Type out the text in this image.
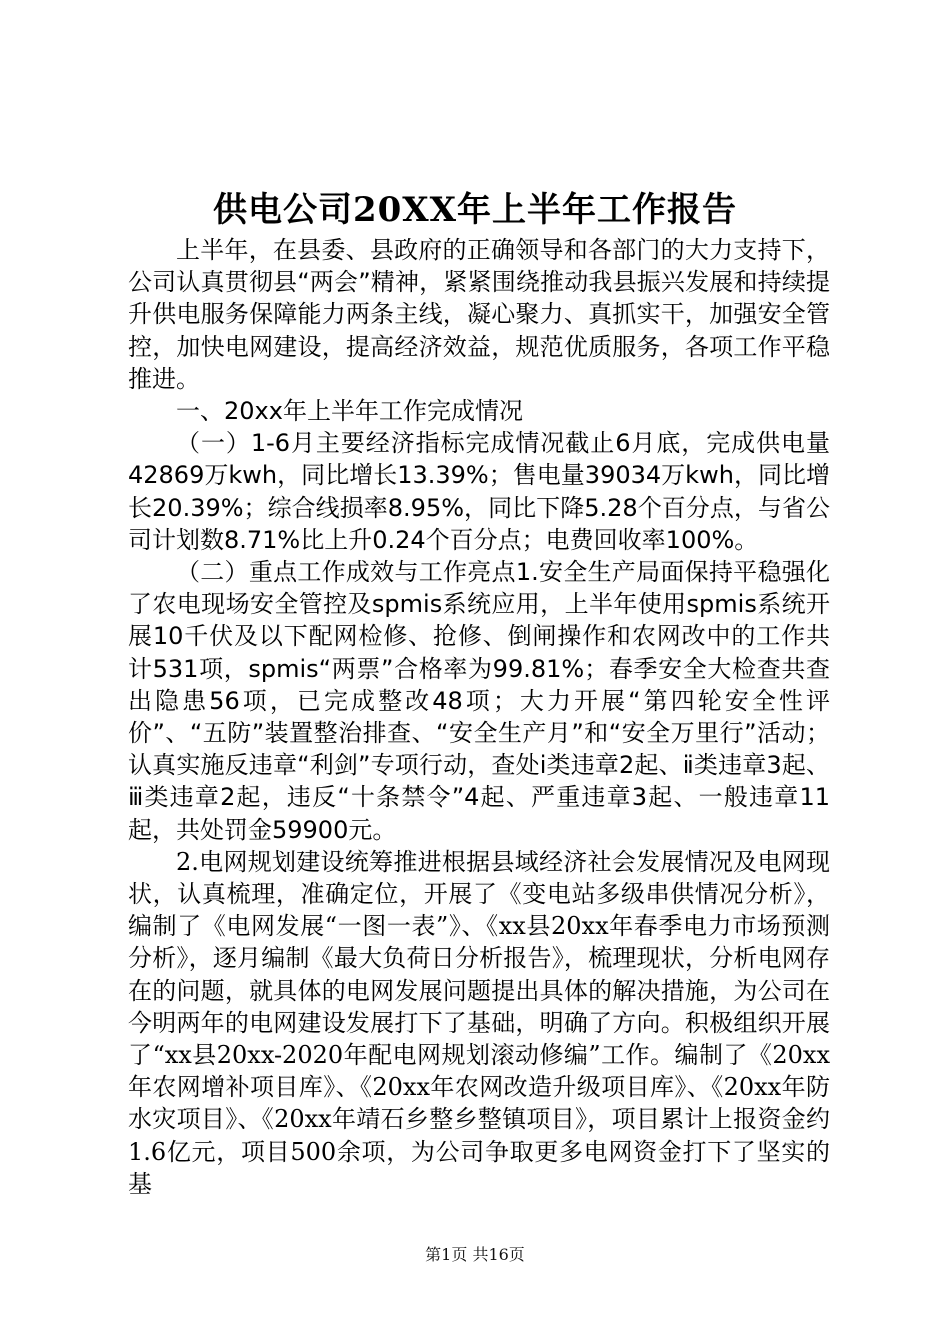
供电公司20XX年上半年工作报告

上半年，在县委、县政府的正确领导和各部门的大力支持下，公司认真贯彻县“两会”精神，紧紧围绕推动我县振兴发展和持续提升供电服务保障能力两条主线，凝心聚力、真抓实干，加强安全管控，加快电网建设，提高经济效益，规范优质服务，各项工作平稳推进。

一、20xx年上半年工作完成情况

（一）1-6月主要经济指标完成情况截止6月底，完成供电量42869万kwh，同比增长13.39%；售电量39034万kwh，同比增长20.39%；综合线损率8.95%，同比下降5.28个百分点，与省公司计划数8.71%比上升0.24个百分点；电费回收率100%。

（二）重点工作成效与工作亮点1.安全生产局面保持平稳强化了农电现场安全管控及spmis系统应用，上半年使用spmis系统开展10千伏及以下配网检修、抢修、倒闸操作和农网改中的工作共计531项，spmis“两票”合格率为99.81%；春季安全大检查共查出隐患56项，已完成整改48项；大力开展“第四轮安全性评价”、“五防”装置整治排查、“安全生产月”和“安全万里行”活动；认真实施反违章“利剑”专项行动，查处ⅰ类违章2起、ⅱ类违章3起、ⅲ类违章2起，违反“十条禁令”4起、严重违章3起、一般违章11起，共处罚金59900元。

2.电网规划建设统筹推进根据县域经济社会发展情况及电网现状，认真梳理，准确定位，开展了《变电站多级串供情况分析》，编制了《电网发展“一图一表”》、《xx县20xx年春季电力市场预测分析》，逐月编制《最大负荷日分析报告》，梳理现状，分析电网存在的问题，就具体的电网发展问题提出具体的解决措施，为公司在今明两年的电网建设发展打下了基础，明确了方向。积极组织开展了“xx县20xx-2020年配电网规划滚动修编”工作。编制了《20xx年农网增补项目库》、《20xx年农网改造升级项目库》、《20xx年防水灾项目》、《20xx年靖石乡整乡整镇项目》，项目累计上报资金约1.6亿元，项目500余项，为公司争取更多电网资金打下了坚实的基

第1页 共16页
